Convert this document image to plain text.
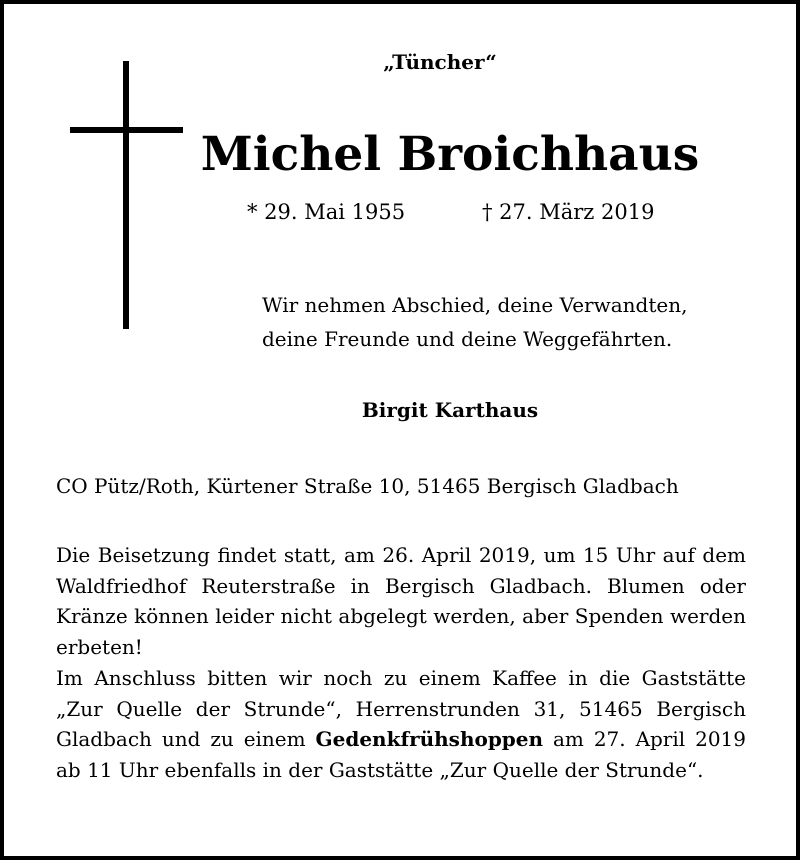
„Tüncher“
Michel Broichhaus
* 29. Mai 1955	† 27. März 2019
Wir nehmen Abschied, deine Verwandten,
deine Freunde und deine Weggefährten.
Birgit Karthaus
CO Pütz/Roth, Kürtener Straße 10, 51465 Bergisch Gladbach

Die Beisetzung findet statt, am 26. April 2019, um 15 Uhr auf dem Waldfriedhof Reuterstraße in Bergisch Gladbach. Blumen oder Kränze können leider nicht abgelegt werden, aber Spenden werden erbeten!

Im Anschluss bitten wir noch zu einem Kaffee in die Gaststätte „Zur Quelle der Strunde“, Herrenstrunden 31, 51465 Bergisch Gladbach und zu einem Gedenkfrühshoppen am 27. April 2019 ab 11 Uhr ebenfalls in der Gaststätte „Zur Quelle der Strunde“.
